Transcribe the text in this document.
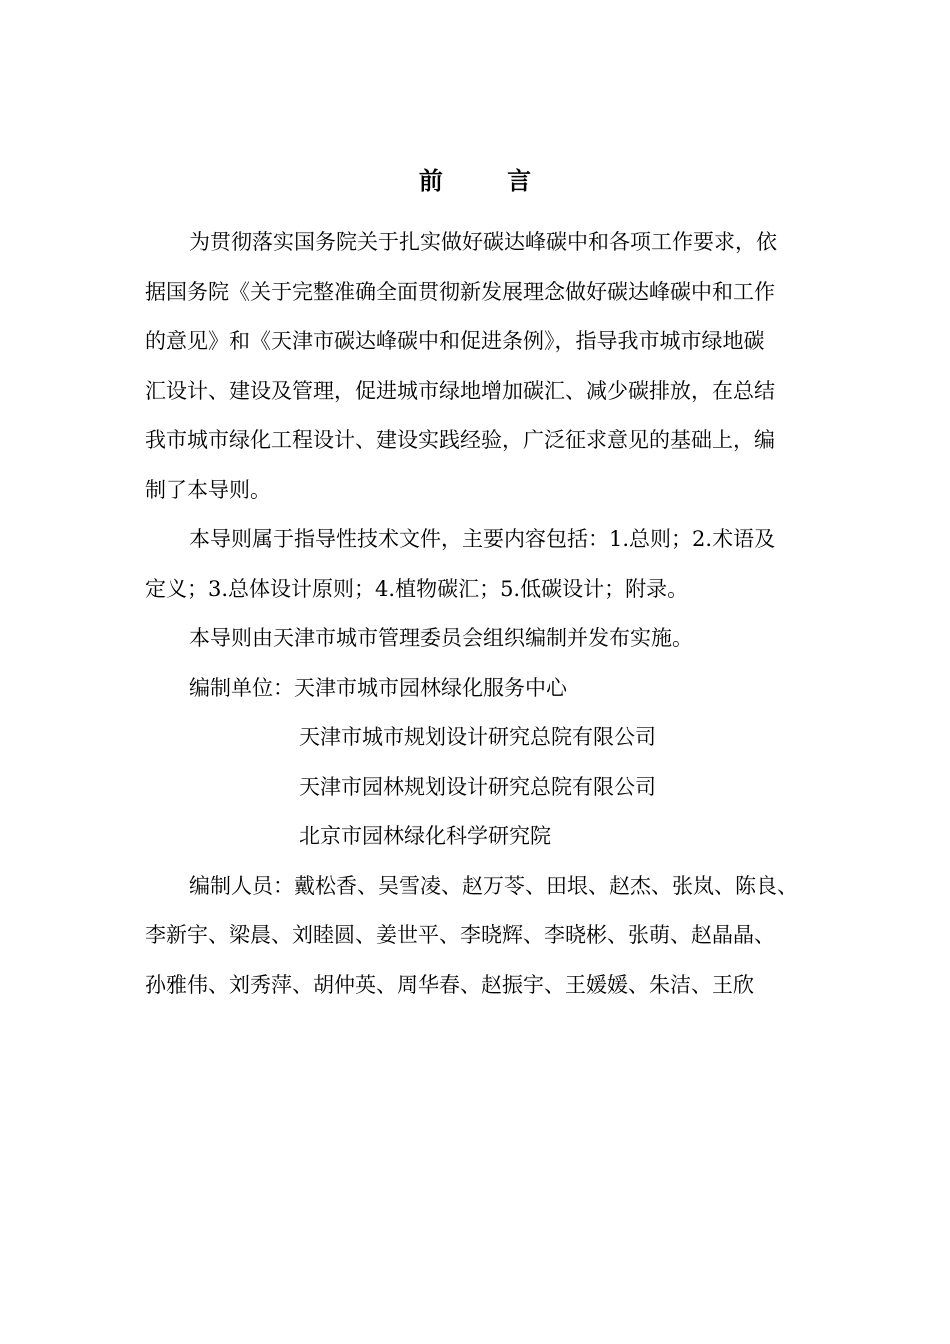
前 言
为贯彻落实国务院关于扎实做好碳达峰碳中和各项工作要求，依
据国务院《关于完整准确全面贯彻新发展理念做好碳达峰碳中和工作
的意见》和《天津市碳达峰碳中和促进条例》，指导我市城市绿地碳
汇设计、建设及管理，促进城市绿地增加碳汇、减少碳排放，在总结
我市城市绿化工程设计、建设实践经验，广泛征求意见的基础上，编
制了本导则。
本导则属于指导性技术文件，主要内容包括：1.总则；2.术语及
定义；3.总体设计原则；4.植物碳汇；5.低碳设计；附录。
本导则由天津市城市管理委员会组织编制并发布实施。
编制单位：天津市城市园林绿化服务中心
天津市城市规划设计研究总院有限公司
天津市园林规划设计研究总院有限公司
北京市园林绿化科学研究院
编制人员：戴松香、吴雪凌、赵万苓、田垠、赵杰、张岚、陈良、
李新宇、梁晨、刘睦圆、姜世平、李晓辉、李晓彬、张萌、赵晶晶、
孙雅伟、刘秀萍、胡仲英、周华春、赵振宇、王媛媛、朱洁、王欣
